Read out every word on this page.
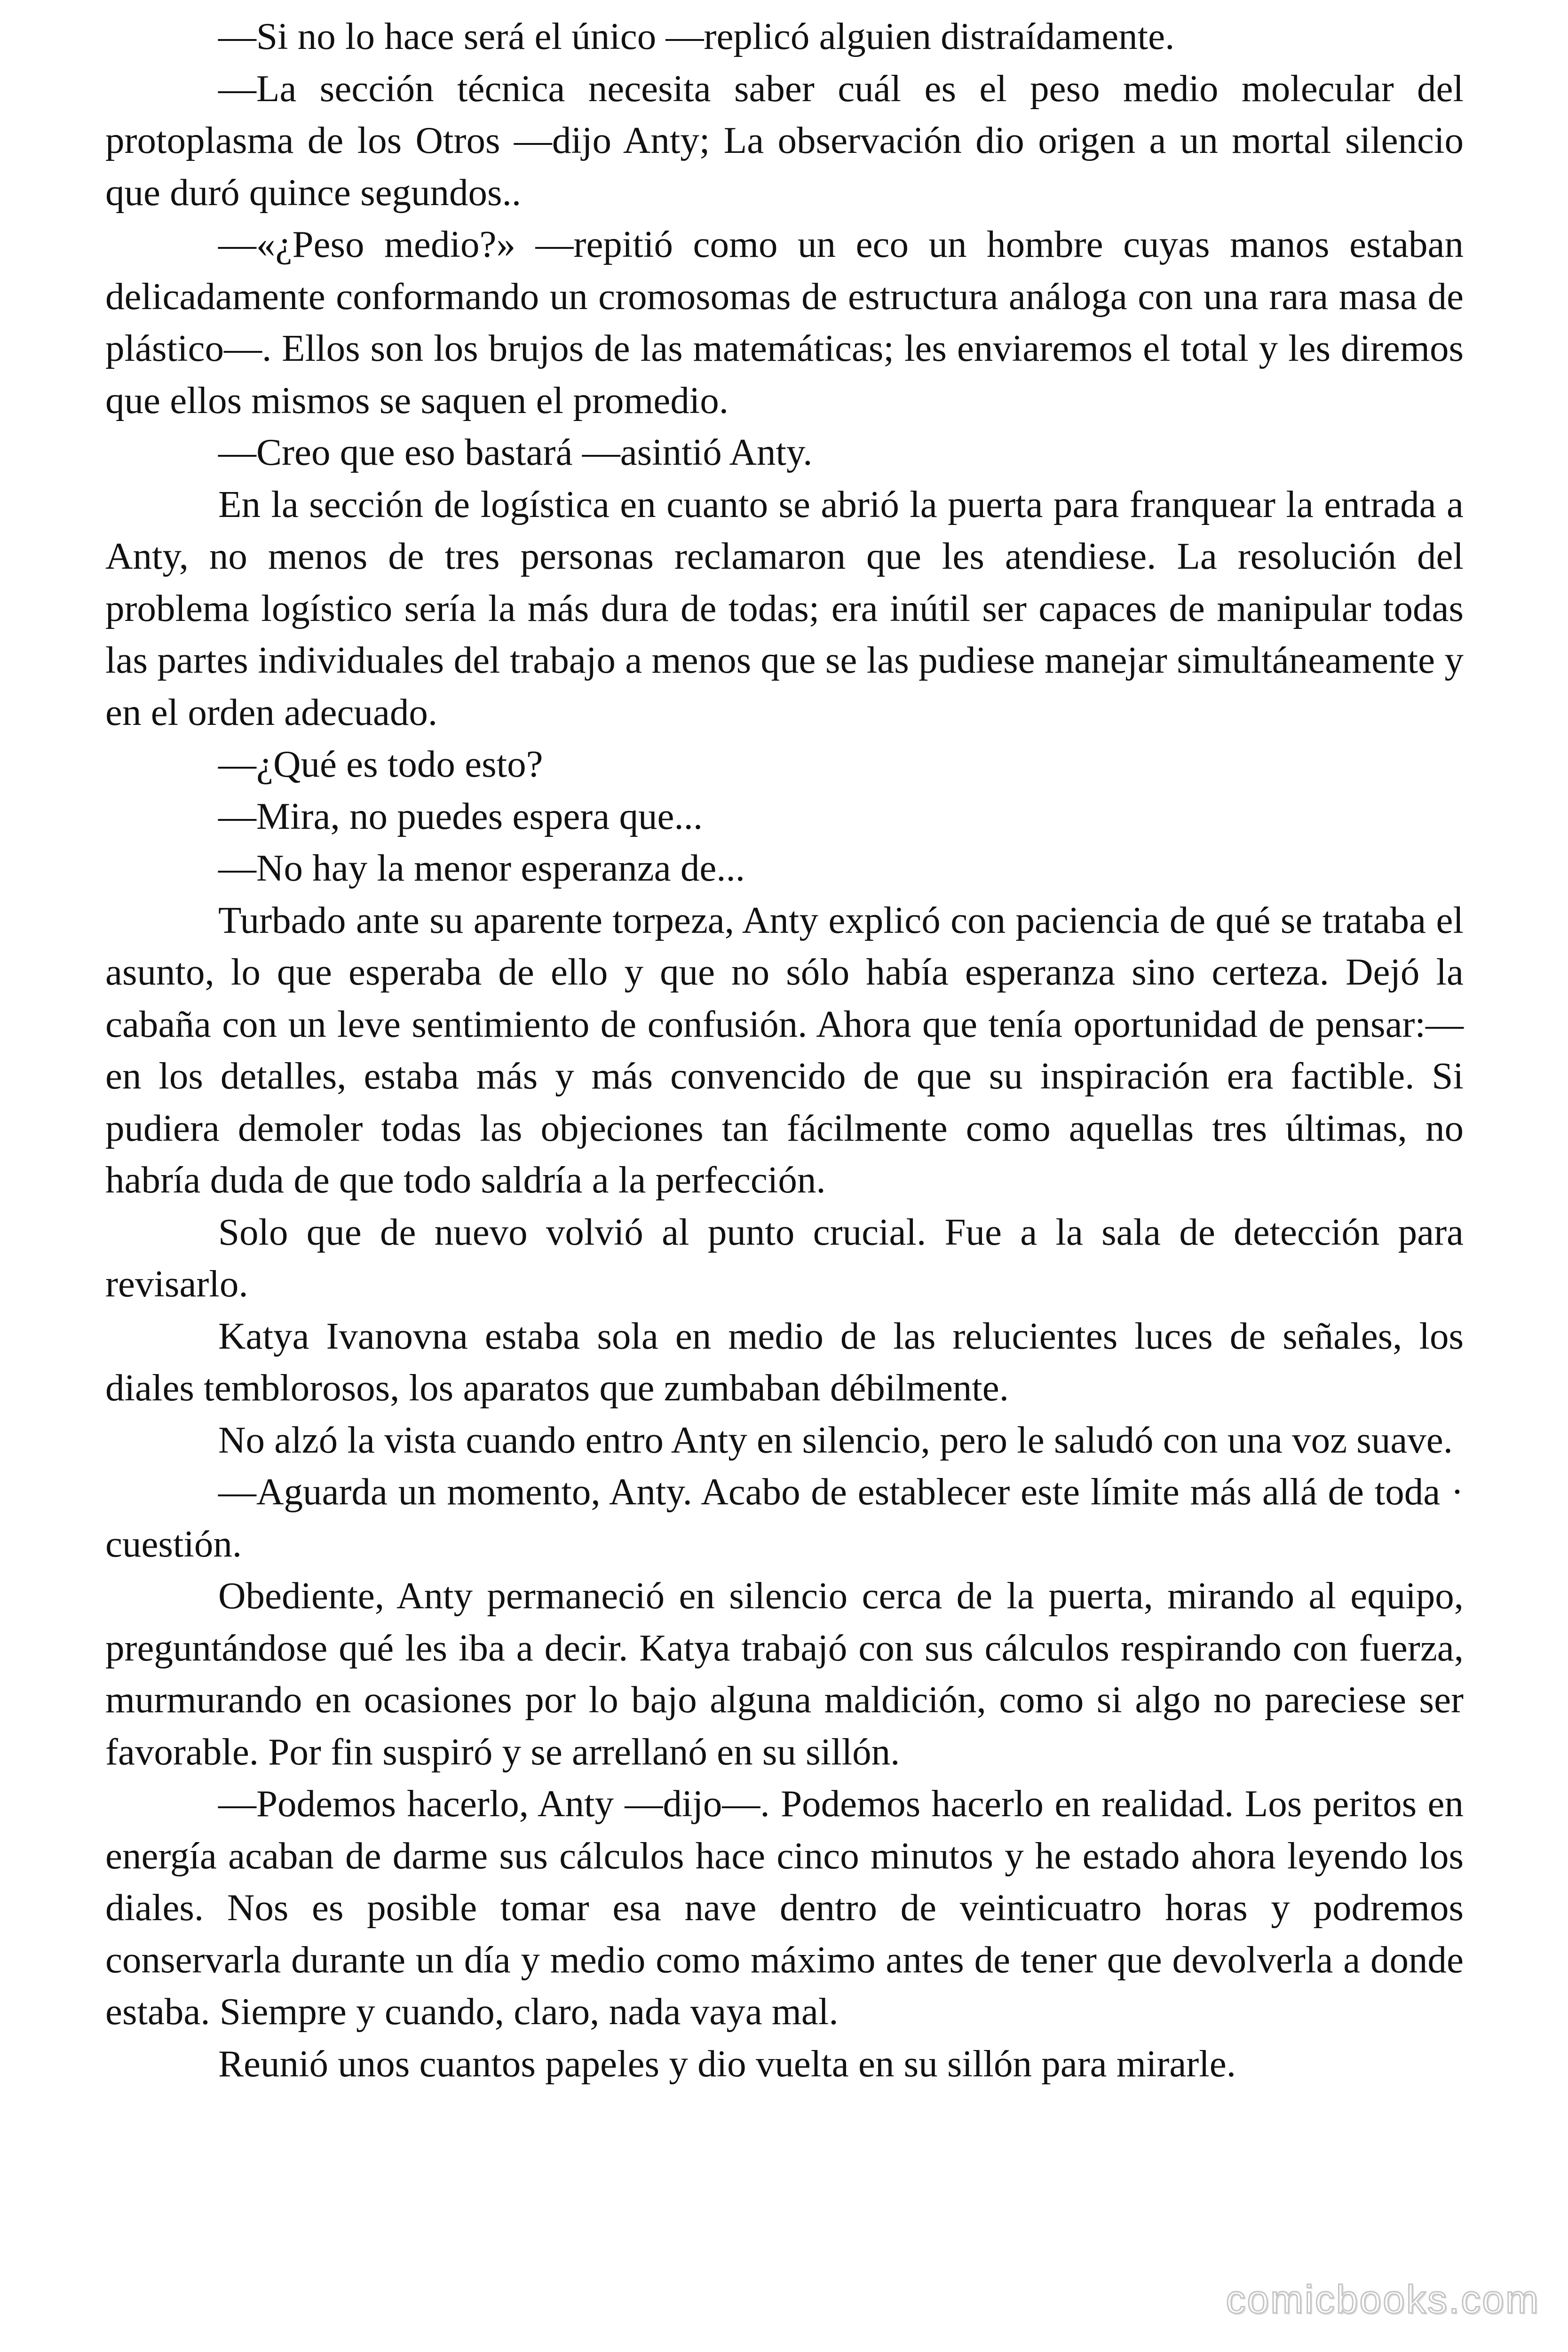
—Si no lo hace será el único —replicó alguien distraídamente.

—La sección técnica necesita saber cuál es el peso medio molecular del protoplasma de los Otros —dijo Anty; La observación dio origen a un mortal silencio que duró quince segundos..

—«¿Peso medio?» —repitió como un eco un hombre cuyas manos estaban delicadamente conformando un cromosomas de estructura análoga con una rara masa de plástico—. Ellos son los brujos de las matemáticas; les enviaremos el total y les diremos que ellos mismos se saquen el promedio.

—Creo que eso bastará —asintió Anty.

En la sección de logística en cuanto se abrió la puerta para franquear la entrada a Anty, no menos de tres personas reclamaron que les atendiese. La resolución del problema logístico sería la más dura de todas; era inútil ser capaces de manipular todas las partes individuales del trabajo a menos que se las pudiese manejar simultáneamente y en el orden adecuado.

—¿Qué es todo esto?

—Mira, no puedes espera que...

—No hay la menor esperanza de...

Turbado ante su aparente torpeza, Anty explicó con paciencia de qué se trataba el asunto, lo que esperaba de ello y que no sólo había esperanza sino certeza. Dejó la cabaña con un leve sentimiento de confusión. Ahora que tenía oportunidad de pensar:—en los detalles, estaba más y más convencido de que su inspiración era factible. Si pudiera demoler todas las objeciones tan fácilmente como aquellas tres últimas, no habría duda de que todo saldría a la perfección.

Solo que de nuevo volvió al punto crucial. Fue a la sala de detección para revisarlo.

Katya Ivanovna estaba sola en medio de las relucientes luces de señales, los diales temblorosos, los aparatos que zumbaban débilmente.

No alzó la vista cuando entro Anty en silencio, pero le saludó con una voz suave.

—Aguarda un momento, Anty. Acabo de establecer este límite más allá de toda · cuestión.

Obediente, Anty permaneció en silencio cerca de la puerta, mirando al equipo, preguntándose qué les iba a decir. Katya trabajó con sus cálculos respirando con fuerza, murmurando en ocasiones por lo bajo alguna maldición, como si algo no pareciese ser favorable. Por fin suspiró y se arrellanó en su sillón.

—Podemos hacerlo, Anty —dijo—. Podemos hacerlo en realidad. Los peritos en energía acaban de darme sus cálculos hace cinco minutos y he estado ahora leyendo los diales. Nos es posible tomar esa nave dentro de veinticuatro horas y podremos conservarla durante un día y medio como máximo antes de tener que devolverla a donde estaba. Siempre y cuando, claro, nada vaya mal.

Reunió unos cuantos papeles y dio vuelta en su sillón para mirarle.

comicbooks.com
